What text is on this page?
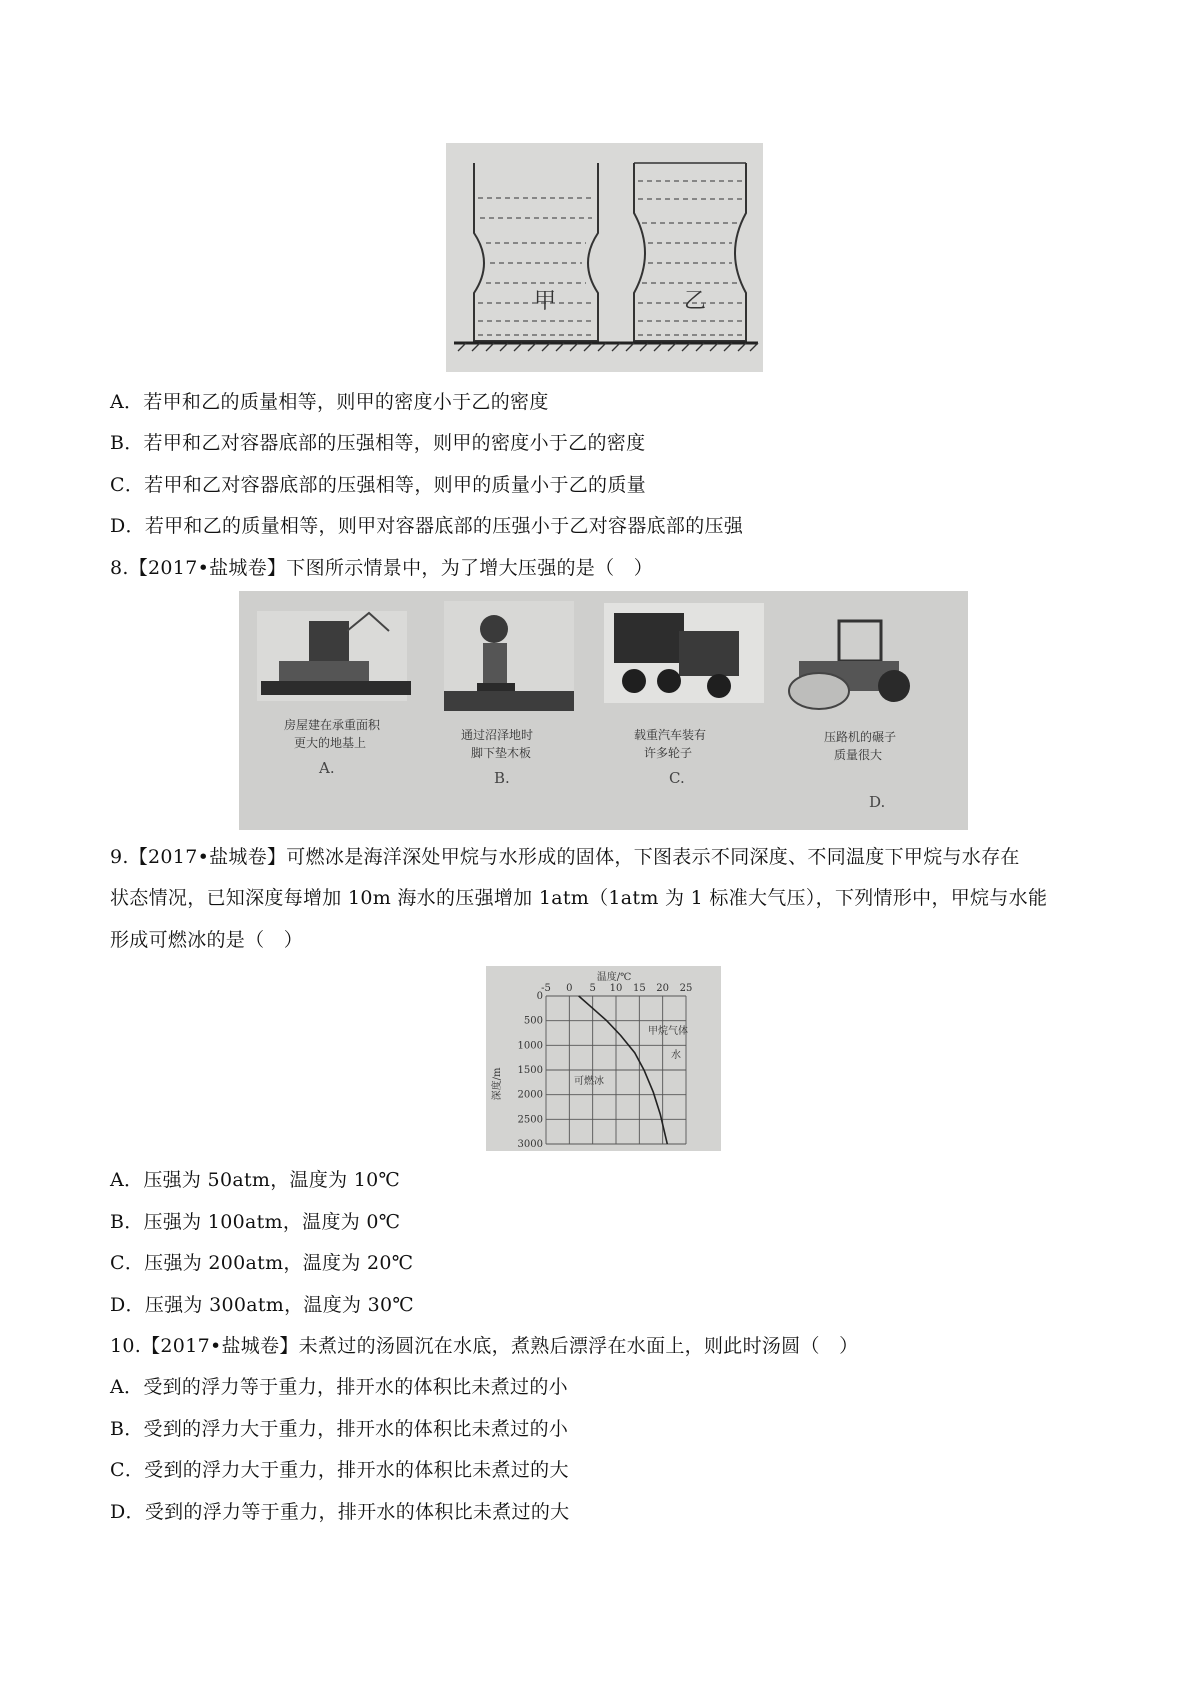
甲	乙
A．若甲和乙的质量相等，则甲的密度小于乙的密度
B．若甲和乙对容器底部的压强相等，则甲的密度小于乙的密度
C．若甲和乙对容器底部的压强相等，则甲的质量小于乙的质量
D．若甲和乙的质量相等，则甲对容器底部的压强小于乙对容器底部的压强
8.【2017•盐城卷】下图所示情景中，为了增大压强的是（　）
房屋建在承重面积
更大的地基上
A.
通过沼泽地时
脚下垫木板
B.
载重汽车装有
许多轮子
C.
压路机的碾子
质量很大
D.
9.【2017•盐城卷】可燃冰是海洋深处甲烷与水形成的固体，下图表示不同深度、不同温度下甲烷与水存在
状态情况，已知深度每增加 10m 海水的压强增加 1atm（1atm 为 1 标准大气压），下列情形中，甲烷与水能
形成可燃冰的是（　）
温度/℃
深度/m
-5 0 5 10 15 20 25
0
500
1000
1500
2000
2500
3000
甲烷气体
水
可燃冰
A．压强为 50atm，温度为 10℃
B．压强为 100atm，温度为 0℃
C．压强为 200atm，温度为 20℃
D．压强为 300atm，温度为 30℃
10.【2017•盐城卷】未煮过的汤圆沉在水底，煮熟后漂浮在水面上，则此时汤圆（　）
A．受到的浮力等于重力，排开水的体积比未煮过的小
B．受到的浮力大于重力，排开水的体积比未煮过的小
C．受到的浮力大于重力，排开水的体积比未煮过的大
D．受到的浮力等于重力，排开水的体积比未煮过的大
